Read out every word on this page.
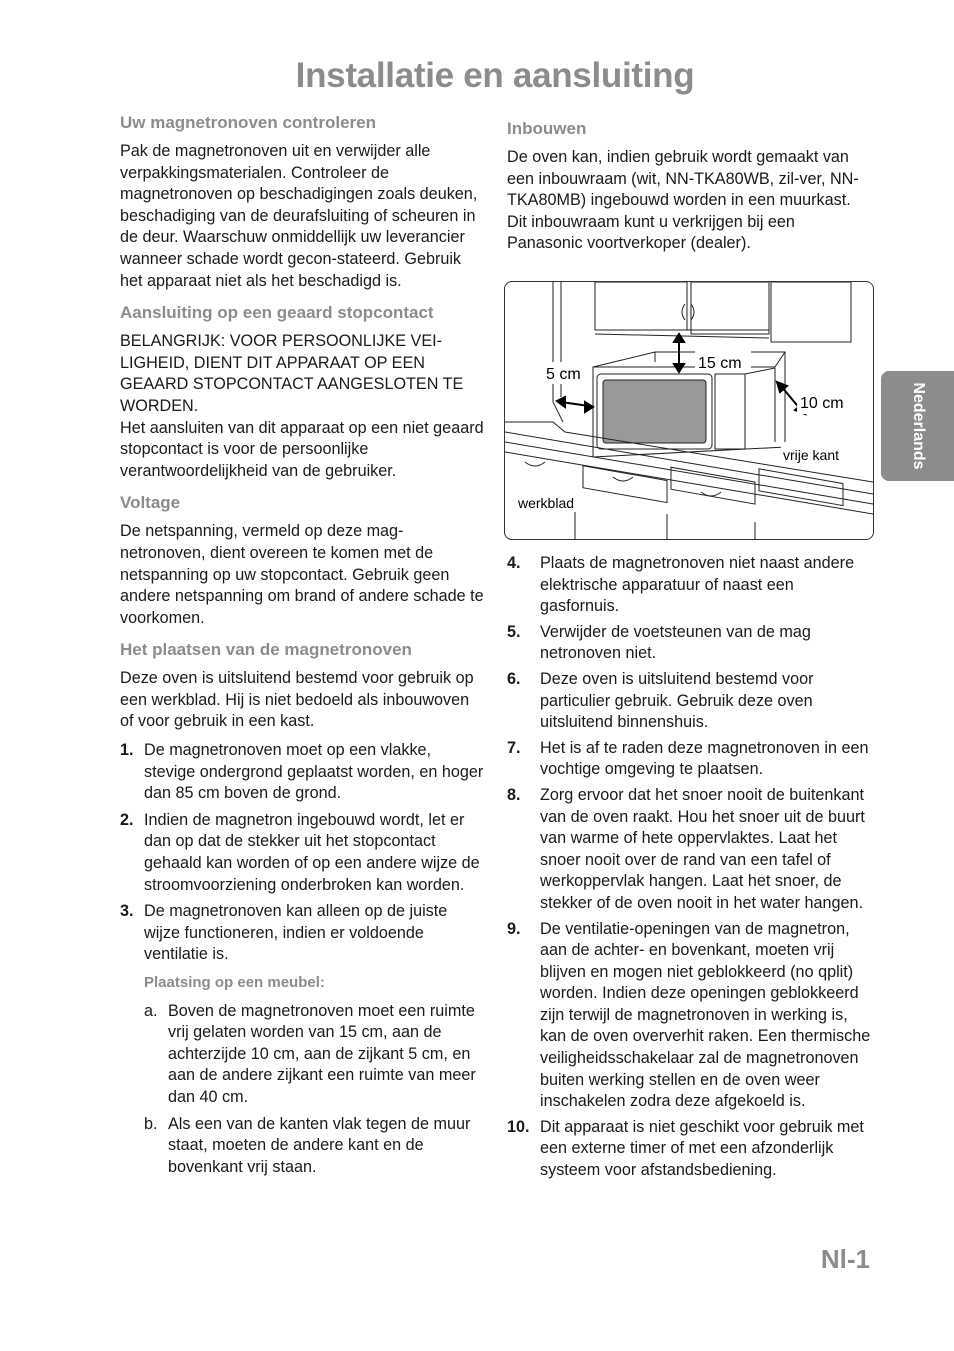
Installatie en aansluiting
Uw magnetronoven controleren

Pak de magnetronoven uit en verwijder alle verpakkingsmaterialen. Controleer de magnetronoven op beschadigingen zoals deuken, beschadiging van de deurafsluiting of scheuren in de deur. Waarschuw onmiddellijk uw leverancier wanneer schade wordt gecon-stateerd. Gebruik het apparaat niet als het beschadigd is.

Aansluiting op een geaard stopcontact

BELANGRIJK: VOOR PERSOONLIJKE VEI-LIGHEID, DIENT DIT APPARAAT OP EEN GEAARD STOPCONTACT AANGESLOTEN TE WORDEN.

Het aansluiten van dit apparaat op een niet geaard stopcontact is voor de persoonlijke verantwoordelijkheid van de gebruiker.

Voltage

De netspanning, vermeld op deze mag-netronoven, dient overeen te komen met de netspanning op uw stopcontact. Gebruik geen andere netspanning om brand of andere schade te voorkomen.

Het plaatsen van de magnetronoven

Deze oven is uitsluitend bestemd voor gebruik op een werkblad. Hij is niet bedoeld als inbouwoven of voor gebruik in een kast.

1. De magnetronoven moet op een vlakke, stevige ondergrond geplaatst worden, en hoger dan 85 cm boven de grond.
2. Indien de magnetron ingebouwd wordt, let er dan op dat de stekker uit het stopcontact gehaald kan worden of op een andere wijze de stroomvoorziening onderbroken kan worden.
3. De magnetronoven kan alleen op de juiste wijze functioneren, indien er voldoende ventilatie is.
Plaatsing op een meubel:
a. Boven de magnetronoven moet een ruimte vrij gelaten worden van 15 cm, aan de achterzijde 10 cm, aan de zijkant 5 cm, en aan de andere zijkant een ruimte van meer dan 40 cm.
b. Als een van de kanten vlak tegen de muur staat, moeten de andere kant en de bovenkant vrij staan.
Inbouwen

De oven kan, indien gebruik wordt gemaakt van een inbouwraam (wit, NN-TKA80WB, zil-ver, NN-TKA80MB) ingebouwd worden in een muurkast. Dit inbouwraam kunt u verkrijgen bij een Panasonic voortverkoper (dealer).

15 cm
5 cm
10 cm
vrije kant
werkblad
4. Plaats de magnetronoven niet naast andere elektrische apparatuur of naast een gasfornuis.
5. Verwijder de voetsteunen van de mag netronoven niet.
6. Deze oven is uitsluitend bestemd voor particulier gebruik. Gebruik deze oven uitsluitend binnenshuis.
7. Het is af te raden deze magnetronoven in een vochtige omgeving te plaatsen.
8. Zorg ervoor dat het snoer nooit de buitenkant van de oven raakt. Hou het snoer uit de buurt van warme of hete oppervlaktes. Laat het snoer nooit over de rand van een tafel of werkoppervlak hangen. Laat het snoer, de stekker of de oven nooit in het water hangen.
9. De ventilatie-openingen van de magnetron, aan de achter- en bovenkant, moeten vrij blijven en mogen niet geblokkeerd (no qplit) worden. Indien deze openingen geblokkeerd zijn terwijl de magnetronoven in werking is, kan de oven oververhit raken. Een thermische veiligheidsschakelaar zal de magnetronoven buiten werking stellen en de oven weer inschakelen zodra deze afgekoeld is.
10. Dit apparaat is niet geschikt voor gebruik met een externe timer of met een afzonderlijk systeem voor afstandsbediening.
Nederlands
Nl-1
